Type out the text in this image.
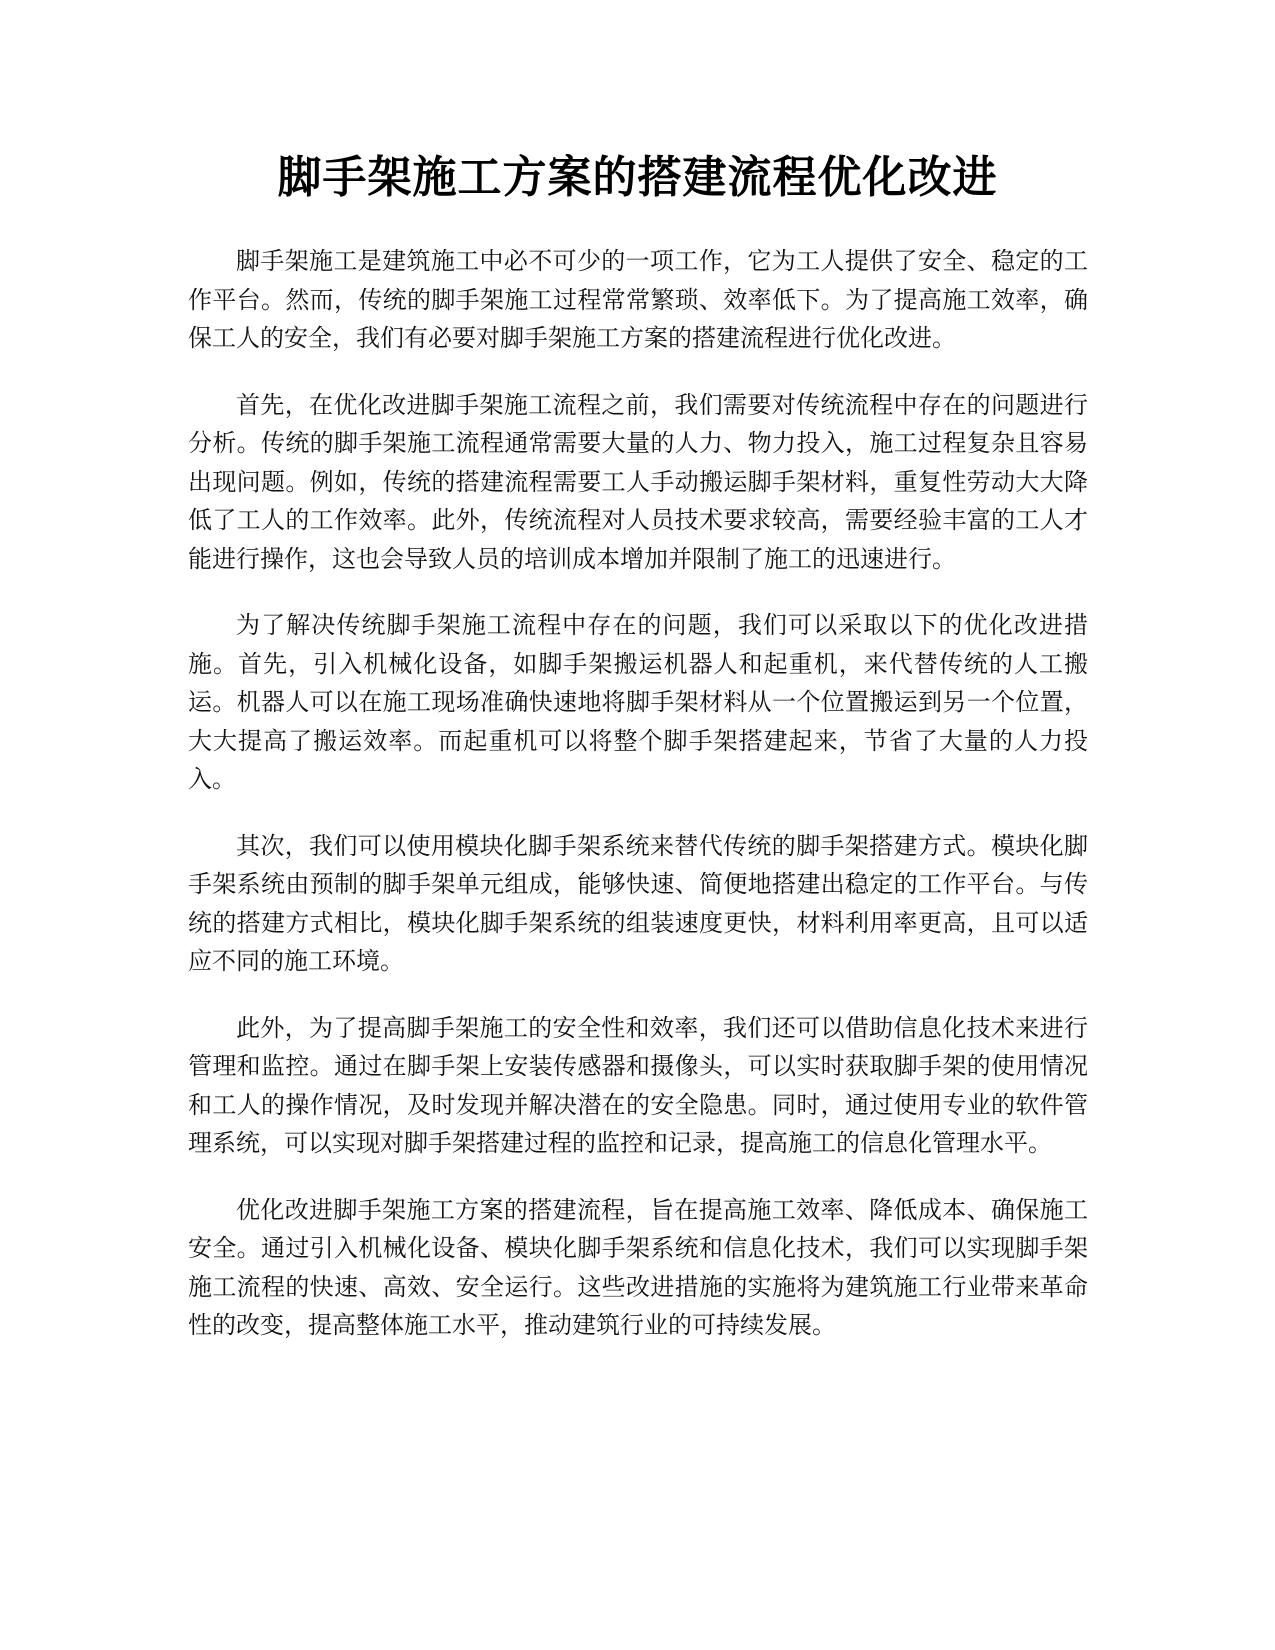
脚手架施工方案的搭建流程优化改进

脚手架施工是建筑施工中必不可少的一项工作，它为工人提供了安全、稳定的工作平台。然而，传统的脚手架施工过程常常繁琐、效率低下。为了提高施工效率，确保工人的安全，我们有必要对脚手架施工方案的搭建流程进行优化改进。

首先，在优化改进脚手架施工流程之前，我们需要对传统流程中存在的问题进行分析。传统的脚手架施工流程通常需要大量的人力、物力投入，施工过程复杂且容易出现问题。例如，传统的搭建流程需要工人手动搬运脚手架材料，重复性劳动大大降低了工人的工作效率。此外，传统流程对人员技术要求较高，需要经验丰富的工人才能进行操作，这也会导致人员的培训成本增加并限制了施工的迅速进行。

为了解决传统脚手架施工流程中存在的问题，我们可以采取以下的优化改进措施。首先，引入机械化设备，如脚手架搬运机器人和起重机，来代替传统的人工搬运。机器人可以在施工现场准确快速地将脚手架材料从一个位置搬运到另一个位置，大大提高了搬运效率。而起重机可以将整个脚手架搭建起来，节省了大量的人力投入。

其次，我们可以使用模块化脚手架系统来替代传统的脚手架搭建方式。模块化脚手架系统由预制的脚手架单元组成，能够快速、简便地搭建出稳定的工作平台。与传统的搭建方式相比，模块化脚手架系统的组装速度更快，材料利用率更高，且可以适应不同的施工环境。

此外，为了提高脚手架施工的安全性和效率，我们还可以借助信息化技术来进行管理和监控。通过在脚手架上安装传感器和摄像头，可以实时获取脚手架的使用情况和工人的操作情况，及时发现并解决潜在的安全隐患。同时，通过使用专业的软件管理系统，可以实现对脚手架搭建过程的监控和记录，提高施工的信息化管理水平。

优化改进脚手架施工方案的搭建流程，旨在提高施工效率、降低成本、确保施工安全。通过引入机械化设备、模块化脚手架系统和信息化技术，我们可以实现脚手架施工流程的快速、高效、安全运行。这些改进措施的实施将为建筑施工行业带来革命性的改变，提高整体施工水平，推动建筑行业的可持续发展。
